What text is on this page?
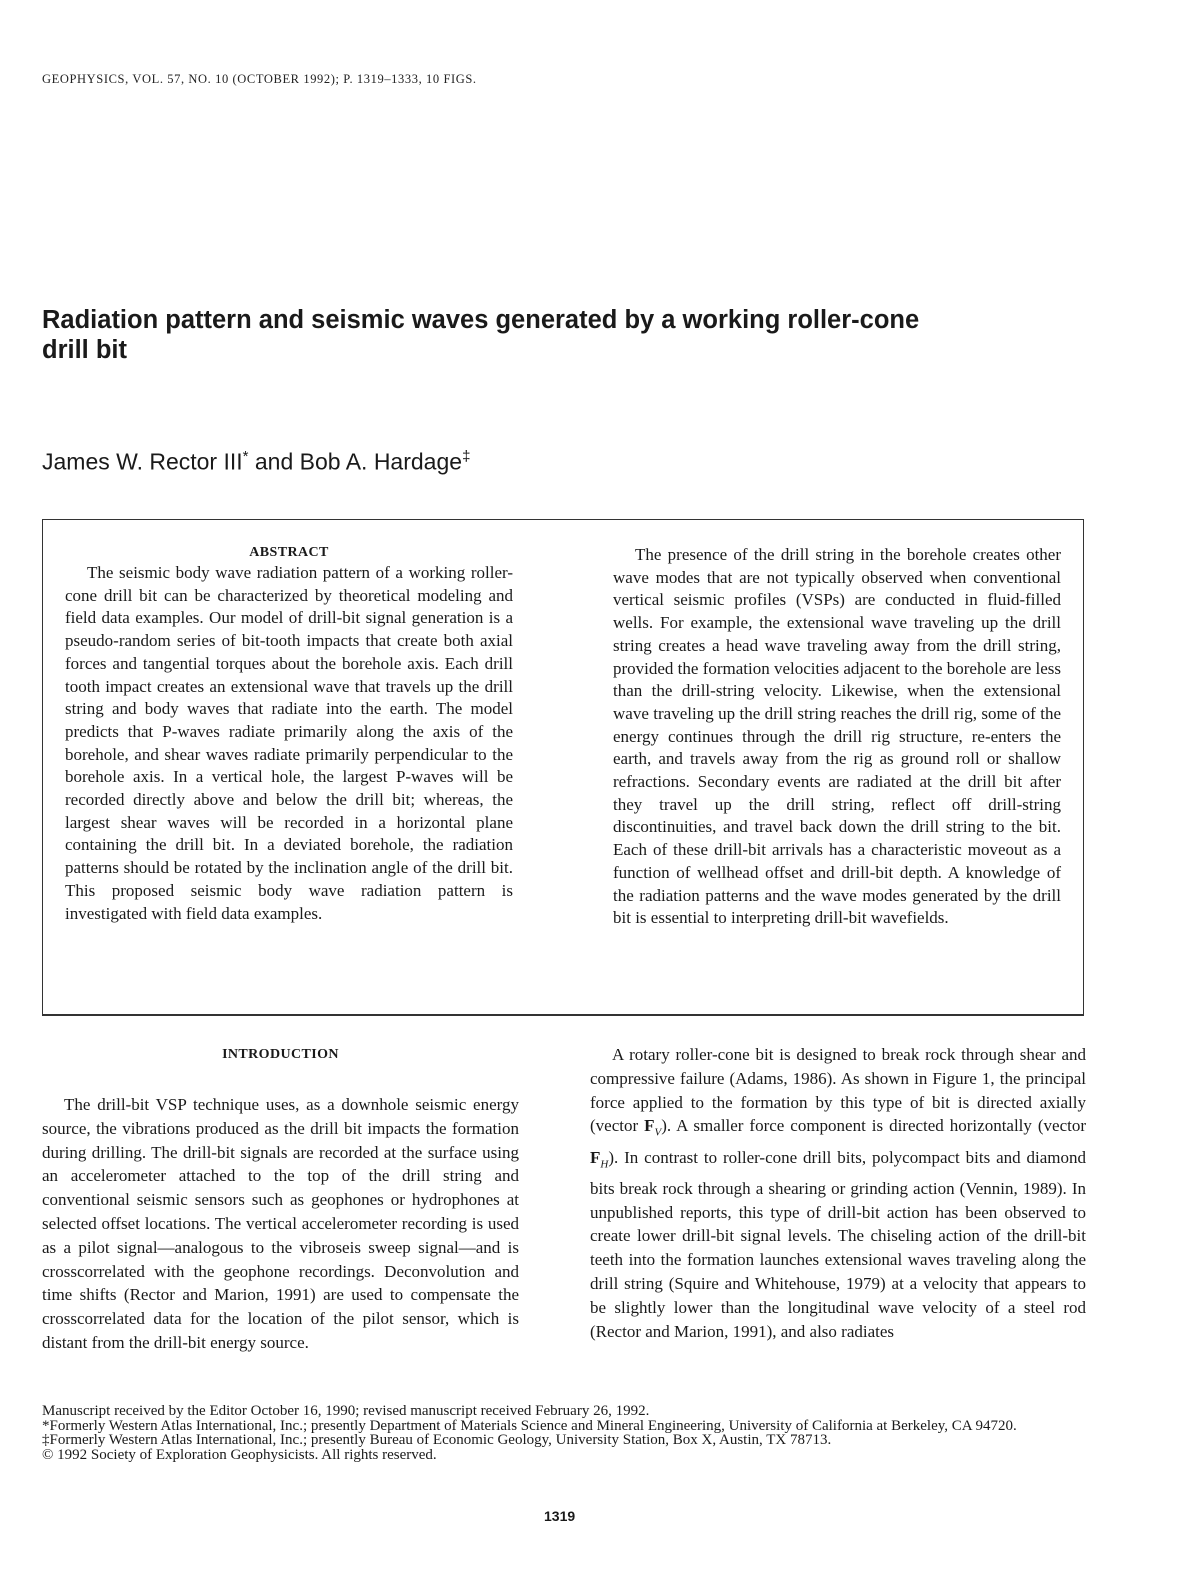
GEOPHYSICS, VOL. 57, NO. 10 (OCTOBER 1992); P. 1319–1333, 10 FIGS.
Radiation pattern and seismic waves generated by a working roller-cone drill bit
James W. Rector III* and Bob A. Hardage‡
ABSTRACT

The seismic body wave radiation pattern of a working roller-cone drill bit can be characterized by theoretical modeling and field data examples. Our model of drill-bit signal generation is a pseudo-random series of bit-tooth impacts that create both axial forces and tangential torques about the borehole axis. Each drill tooth impact creates an extensional wave that travels up the drill string and body waves that radiate into the earth. The model predicts that P-waves radiate primarily along the axis of the borehole, and shear waves radiate primarily perpendicular to the borehole axis. In a vertical hole, the largest P-waves will be recorded directly above and below the drill bit; whereas, the largest shear waves will be recorded in a horizontal plane containing the drill bit. In a deviated borehole, the radiation patterns should be rotated by the inclination angle of the drill bit. This proposed seismic body wave radiation pattern is investigated with field data examples.

The presence of the drill string in the borehole creates other wave modes that are not typically observed when conventional vertical seismic profiles (VSPs) are conducted in fluid-filled wells. For example, the extensional wave traveling up the drill string creates a head wave traveling away from the drill string, provided the formation velocities adjacent to the borehole are less than the drill-string velocity. Likewise, when the extensional wave traveling up the drill string reaches the drill rig, some of the energy continues through the drill rig structure, re-enters the earth, and travels away from the rig as ground roll or shallow refractions. Secondary events are radiated at the drill bit after they travel up the drill string, reflect off drill-string discontinuities, and travel back down the drill string to the bit. Each of these drill-bit arrivals has a characteristic moveout as a function of wellhead offset and drill-bit depth. A knowledge of the radiation patterns and the wave modes generated by the drill bit is essential to interpreting drill-bit wavefields.

INTRODUCTION

The drill-bit VSP technique uses, as a downhole seismic energy source, the vibrations produced as the drill bit impacts the formation during drilling. The drill-bit signals are recorded at the surface using an accelerometer attached to the top of the drill string and conventional seismic sensors such as geophones or hydrophones at selected offset locations. The vertical accelerometer recording is used as a pilot signal—analogous to the vibroseis sweep signal—and is crosscorrelated with the geophone recordings. Deconvolution and time shifts (Rector and Marion, 1991) are used to compensate the crosscorrelated data for the location of the pilot sensor, which is distant from the drill-bit energy source.

A rotary roller-cone bit is designed to break rock through shear and compressive failure (Adams, 1986). As shown in Figure 1, the principal force applied to the formation by this type of bit is directed axially (vector $F_V$). A smaller force component is directed horizontally (vector $F_H$). In contrast to roller-cone drill bits, polycompact bits and diamond bits break rock through a shearing or grinding action (Vennin, 1989). In unpublished reports, this type of drill-bit action has been observed to create lower drill-bit signal levels. The chiseling action of the drill-bit teeth into the formation launches extensional waves traveling along the drill string (Squire and Whitehouse, 1979) at a velocity that appears to be slightly lower than the longitudinal wave velocity of a steel rod (Rector and Marion, 1991), and also radiates

Manuscript received by the Editor October 16, 1990; revised manuscript received February 26, 1992.
*Formerly Western Atlas International, Inc.; presently Department of Materials Science and Mineral Engineering, University of California at Berkeley, CA 94720.
‡Formerly Western Atlas International, Inc.; presently Bureau of Economic Geology, University Station, Box X, Austin, TX 78713.
© 1992 Society of Exploration Geophysicists. All rights reserved.
1319
